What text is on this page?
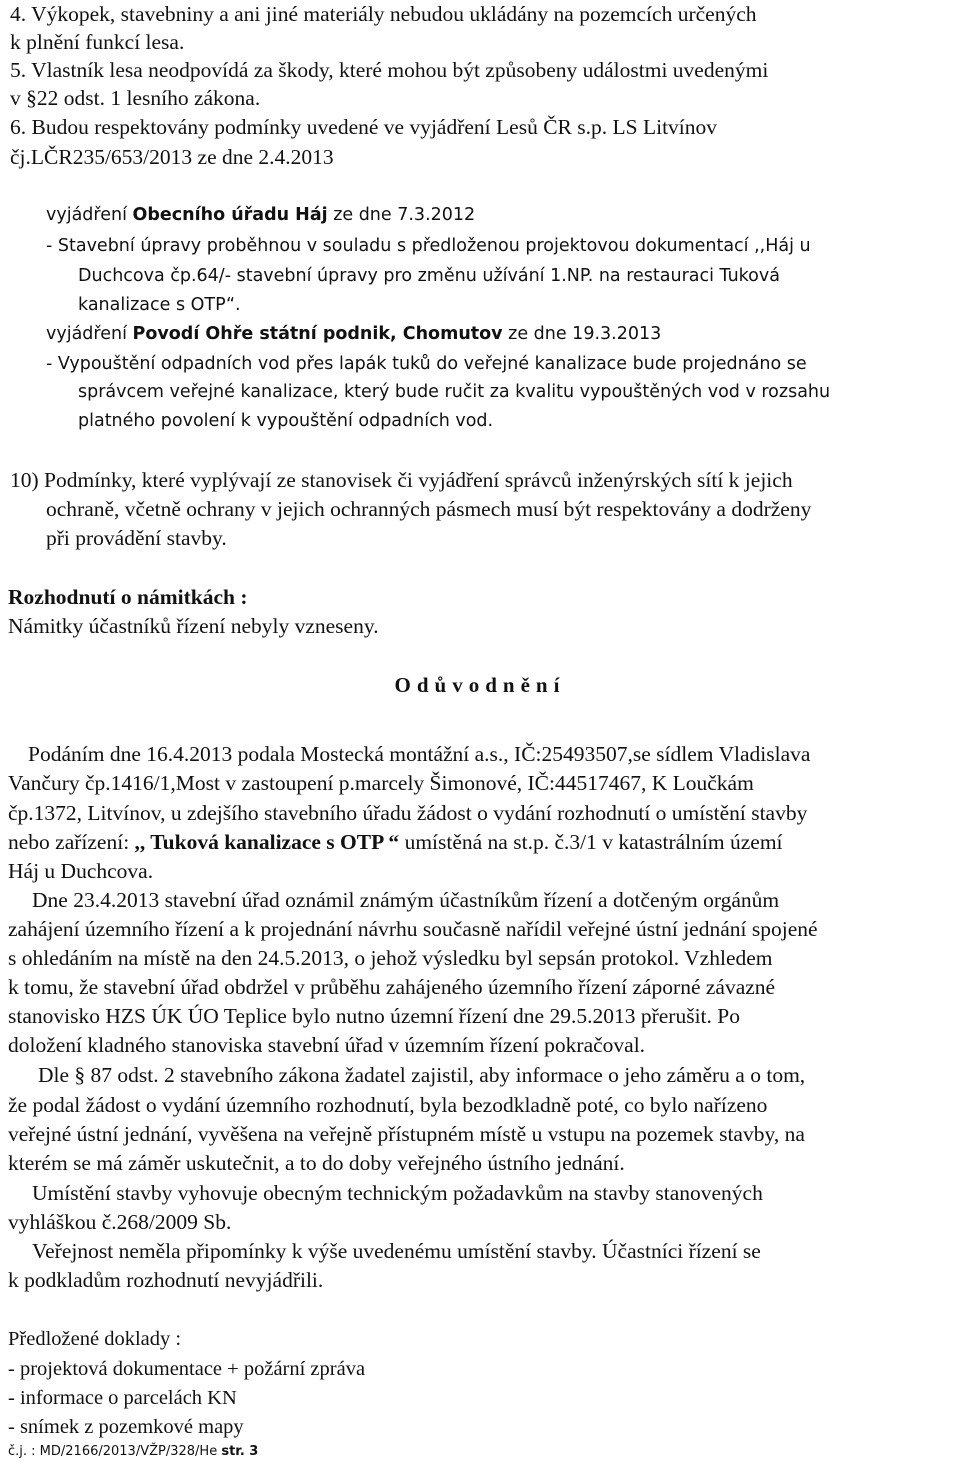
4. Výkopek, stavebniny a ani jiné materiály nebudou ukládány na pozemcích určených
k plnění funkcí lesa.
5. Vlastník lesa neodpovídá za škody, které mohou být způsobeny událostmi uvedenými
v §22 odst. 1 lesního zákona.
6. Budou respektovány podmínky uvedené ve vyjádření Lesů ČR s.p. LS Litvínov
čj.LČR235/653/2013 ze dne 2.4.2013
vyjádření Obecního úřadu Háj ze dne 7.3.2012
- Stavební úpravy proběhnou v souladu s předloženou projektovou dokumentací ,,Háj u
Duchcova čp.64/- stavební úpravy pro změnu užívání 1.NP. na restauraci Tuková
kanalizace s OTP“.
vyjádření Povodí Ohře státní podnik, Chomutov ze dne 19.3.2013
- Vypouštění odpadních vod přes lapák tuků do veřejné kanalizace bude projednáno se
správcem veřejné kanalizace, který bude ručit za kvalitu vypouštěných vod v rozsahu
platného povolení k vypouštění odpadních vod.
10) Podmínky, které vyplývají ze stanovisek či vyjádření správců inženýrských sítí k jejich
ochraně, včetně ochrany v jejich ochranných pásmech musí být respektovány a dodrženy
při provádění stavby.
Rozhodnutí o námitkách :
Námitky účastníků řízení nebyly vzneseny.
Odůvodnění
Podáním dne 16.4.2013 podala Mostecká montážní a.s., IČ:25493507,se sídlem Vladislava
Vančury čp.1416/1,Most v zastoupení p.marcely Šimonové, IČ:44517467, K Loučkám
čp.1372, Litvínov, u zdejšího stavebního úřadu žádost o vydání rozhodnutí o umístění stavby
nebo zařízení: ,, Tuková kanalizace s OTP “ umístěná na st.p. č.3/1 v katastrálním území
Háj u Duchcova.
Dne 23.4.2013 stavební úřad oznámil známým účastníkům řízení a dotčeným orgánům
zahájení územního řízení a k projednání návrhu současně nařídil veřejné ústní jednání spojené
s ohledáním na místě na den 24.5.2013, o jehož výsledku byl sepsán protokol. Vzhledem
k tomu, že stavební úřad obdržel v průběhu zahájeného územního řízení záporné závazné
stanovisko HZS ÚK ÚO Teplice bylo nutno územní řízení dne 29.5.2013 přerušit. Po
doložení kladného stanoviska stavební úřad v územním řízení pokračoval.
Dle § 87 odst. 2 stavebního zákona žadatel zajistil, aby informace o jeho záměru a o tom,
že podal žádost o vydání územního rozhodnutí, byla bezodkladně poté, co bylo nařízeno
veřejné ústní jednání, vyvěšena na veřejně přístupném místě u vstupu na pozemek stavby, na
kterém se má záměr uskutečnit, a to do doby veřejného ústního jednání.
Umístění stavby vyhovuje obecným technickým požadavkům na stavby stanovených
vyhláškou č.268/2009 Sb.
Veřejnost neměla připomínky k výše uvedenému umístění stavby. Účastníci řízení se
k podkladům rozhodnutí nevyjádřili.
Předložené doklady :
- projektová dokumentace + požární zpráva
- informace o parcelách KN
- snímek z pozemkové mapy
č.j. : MD/2166/2013/VŽP/328/He str. 3
